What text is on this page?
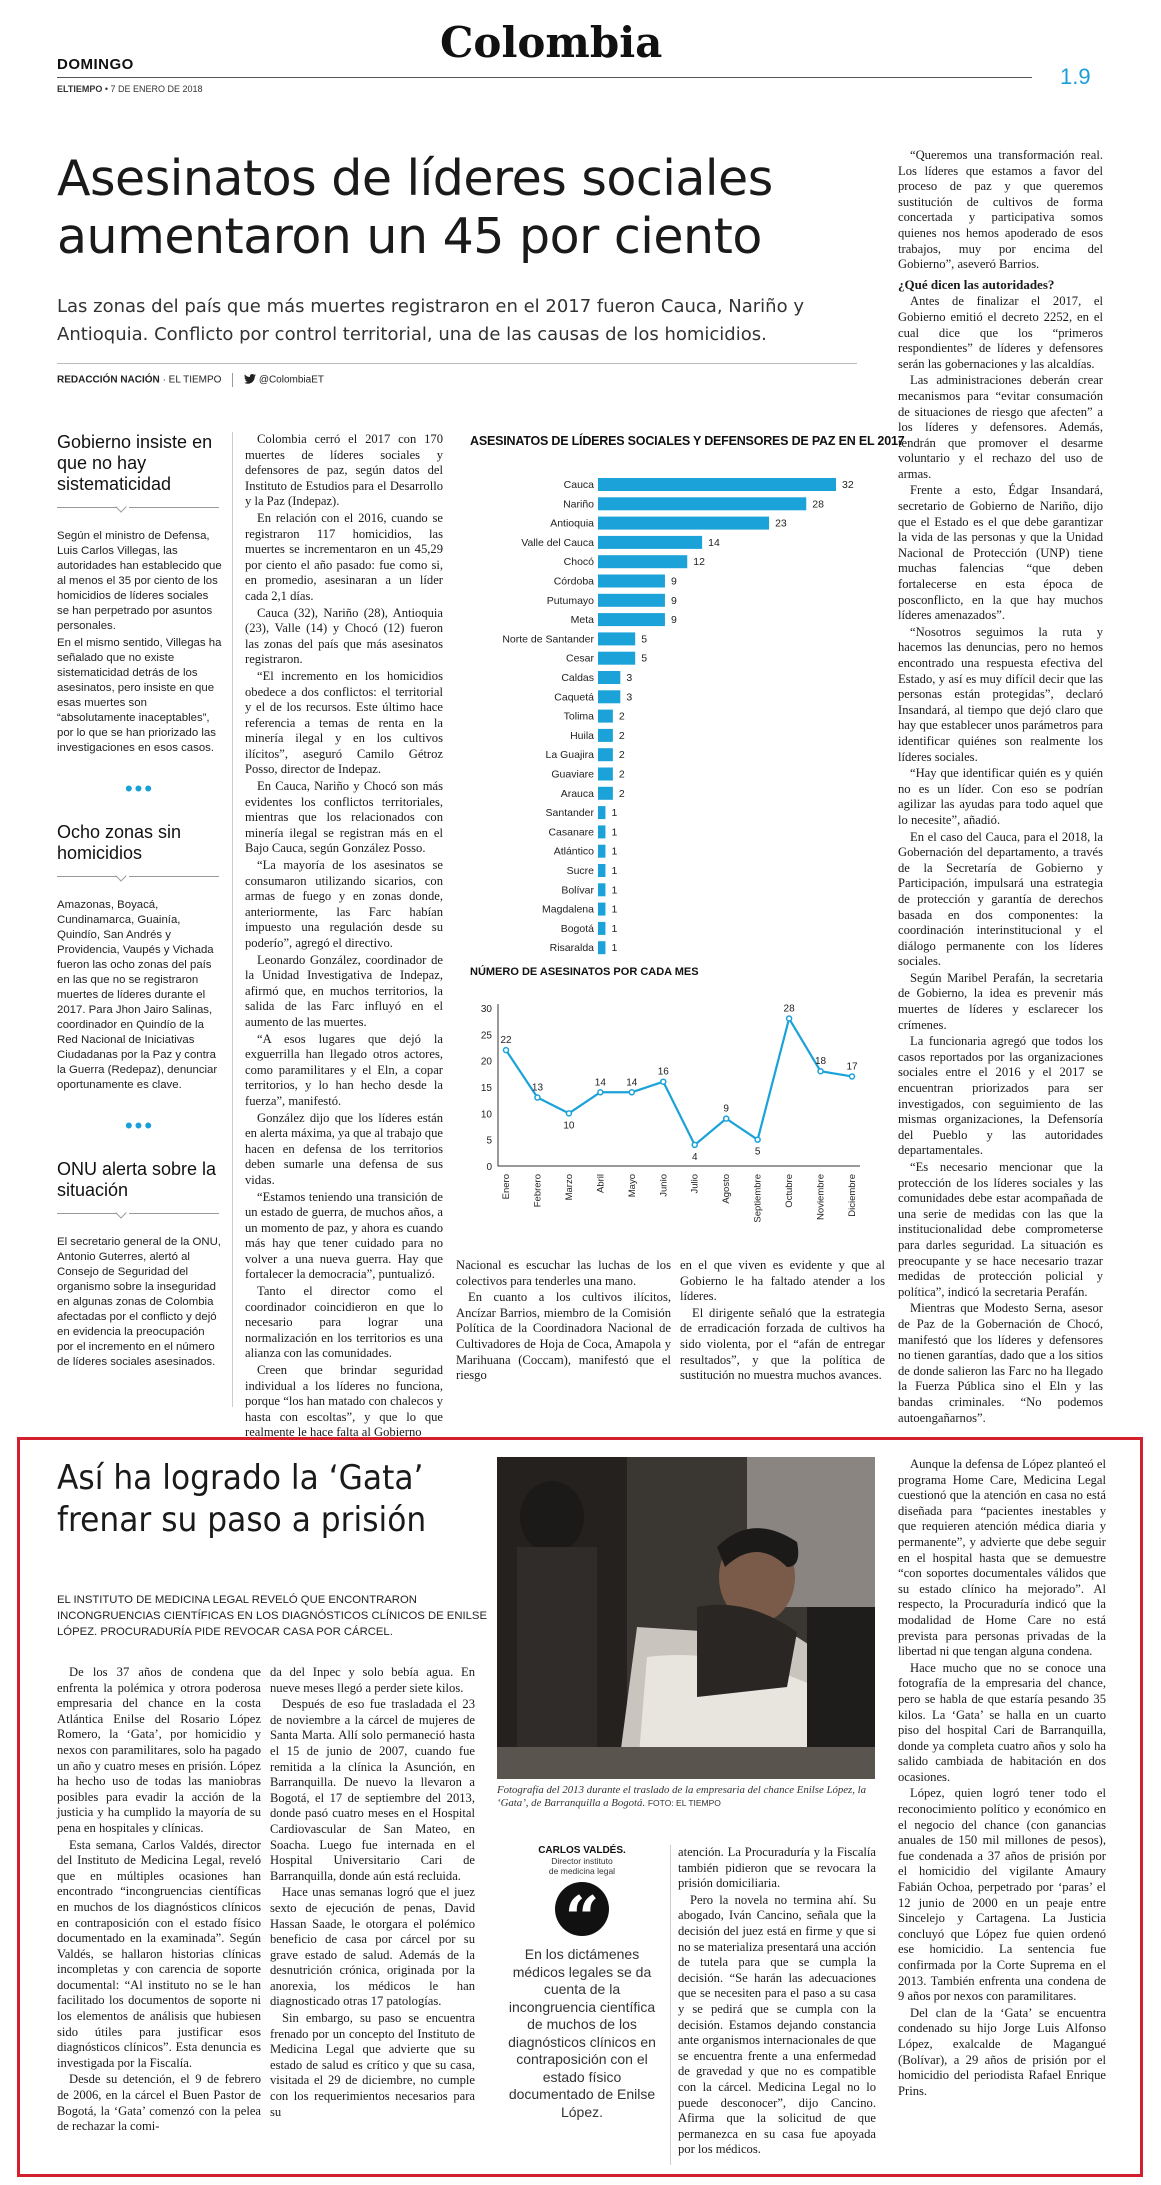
DOMINGO	Colombia
ELTIEMPO • 7 DE ENERO DE 2018	1.9
Asesinatos de líderes sociales
aumentaron un 45 por ciento
Las zonas del país que más muertes registraron en el 2017 fueron Cauca, Nariño y Antioquia. Conflicto por control territorial, una de las causas de los homicidios.
REDACCIÓN NACIÓN · EL TIEMPO	@ColombiaET
Gobierno insiste en que no hay sistematicidad

Según el ministro de Defensa, Luis Carlos Villegas, las autoridades han establecido que al menos el 35 por ciento de los homicidios de líderes sociales se han perpetrado por asuntos personales.

En el mismo sentido, Villegas ha señalado que no existe sistematicidad detrás de los asesinatos, pero insiste en que esas muertes son “absolutamente inaceptables”, por lo que se han priorizado las investigaciones en esos casos.

•••
Ocho zonas sin homicidios

Amazonas, Boyacá, Cundinamarca, Guainía, Quindío, San Andrés y Providencia, Vaupés y Vichada fueron las ocho zonas del país en las que no se registraron muertes de líderes durante el 2017. Para Jhon Jairo Salinas, coordinador en Quindío de la Red Nacional de Iniciativas Ciudadanas por la Paz y contra la Guerra (Redepaz), denunciar oportunamente es clave.

•••
ONU alerta sobre la situación

El secretario general de la ONU, Antonio Guterres, alertó al Consejo de Seguridad del organismo sobre la inseguridad en algunas zonas de Colombia afectadas por el conflicto y dejó en evidencia la preocupación por el incremento en el número de líderes sociales asesinados.

Colombia cerró el 2017 con 170 muertes de líderes sociales y defensores de paz, según datos del Instituto de Estudios para el Desarrollo y la Paz (Indepaz).

En relación con el 2016, cuando se registraron 117 homicidios, las muertes se incrementaron en un 45,29 por ciento el año pasado: fue como si, en promedio, asesinaran a un líder cada 2,1 días.

Cauca (32), Nariño (28), Antioquia (23), Valle (14) y Chocó (12) fueron las zonas del país que más asesinatos registraron.

“El incremento en los homicidios obedece a dos conflictos: el territorial y el de los recursos. Este último hace referencia a temas de renta en la minería ilegal y en los cultivos ilícitos”, aseguró Camilo Gétroz Posso, director de Indepaz.

En Cauca, Nariño y Chocó son más evidentes los conflictos territoriales, mientras que los relacionados con minería ilegal se registran más en el Bajo Cauca, según González Posso.

“La mayoría de los asesinatos se consumaron utilizando sicarios, con armas de fuego y en zonas donde, anteriormente, las Farc habían impuesto una regulación desde su poderío”, agregó el directivo.

Leonardo González, coordinador de la Unidad Investigativa de Indepaz, afirmó que, en muchos territorios, la salida de las Farc influyó en el aumento de las muertes.

“A esos lugares que dejó la exguerrilla han llegado otros actores, como paramilitares y el Eln, a copar territorios, y lo han hecho desde la fuerza”, manifestó.

González dijo que los líderes están en alerta máxima, ya que al trabajo que hacen en defensa de los territorios deben sumarle una defensa de sus vidas.

“Estamos teniendo una transición de un estado de guerra, de muchos años, a un momento de paz, y ahora es cuando más hay que tener cuidado para no volver a una nueva guerra. Hay que fortalecer la democracia”, puntualizó.

Tanto el director como el coordinador coincidieron en que lo necesario para lograr una normalización en los territorios es una alianza con las comunidades.

Creen que brindar seguridad individual a los líderes no funciona, porque “los han matado con chalecos y hasta con escoltas”, y que lo que realmente le hace falta al Gobierno

ASESINATOS DE LÍDERES SOCIALES Y DEFENSORES DE PAZ EN EL 2017
Cauca	32
Nariño	28
Antioquia	23
Valle del Cauca	14
Chocó	12
Córdoba	9
Putumayo	9
Meta	9
Norte de Santander	5
Cesar	5
Caldas	3
Caquetá	3
Tolima 2
Huila 2
La Guajira 2
Guaviare 2
Arauca 2
Santander 1
Casanare 1
Atlántico 1
Sucre 1
Bolívar 1
Magdalena 1
Bogotá 1
Risaralda 1
NÚMERO DE ASESINATOS POR CADA MES
0
5
10
15
20
25
30
22
Enero
13
Febrero
10
Marzo
14
Abril
14
Mayo
16
Junio
4
Julio
9
Agosto
5
Septiembre
28
Octubre
18
Noviembre
17
Diciembre

Nacional es escuchar las luchas de los colectivos para tenderles una mano.

En cuanto a los cultivos ilícitos, Ancízar Barrios, miembro de la Comisión Política de la Coordinadora Nacional de Cultivadores de Hoja de Coca, Amapola y Marihuana (Coccam), manifestó que el riesgo

en el que viven es evidente y que al Gobierno le ha faltado atender a los líderes.

El dirigente señaló que la estrategia de erradicación forzada de cultivos ha sido violenta, por el “afán de entregar resultados”, y que la política de sustitución no muestra muchos avances.

“Queremos una transformación real. Los líderes que estamos a favor del proceso de paz y que queremos sustitución de cultivos de forma concertada y participativa somos quienes nos hemos apoderado de esos trabajos, muy por encima del Gobierno”, aseveró Barrios.

¿Qué dicen las autoridades?

Antes de finalizar el 2017, el Gobierno emitió el decreto 2252, en el cual dice que los “primeros respondientes” de líderes y defensores serán las gobernaciones y las alcaldías.

Las administraciones deberán crear mecanismos para “evitar consumación de situaciones de riesgo que afecten” a los líderes y defensores. Además, tendrán que promover el desarme voluntario y el rechazo del uso de armas.

Frente a esto, Édgar Insandará, secretario de Gobierno de Nariño, dijo que el Estado es el que debe garantizar la vida de las personas y que la Unidad Nacional de Protección (UNP) tiene muchas falencias “que deben fortalecerse en esta época de posconflicto, en la que hay muchos líderes amenazados”.

“Nosotros seguimos la ruta y hacemos las denuncias, pero no hemos encontrado una respuesta efectiva del Estado, y así es muy difícil decir que las personas están protegidas”, declaró Insandará, al tiempo que dejó claro que hay que establecer unos parámetros para identificar quiénes son realmente los líderes sociales.

“Hay que identificar quién es y quién no es un líder. Con eso se podrían agilizar las ayudas para todo aquel que lo necesite”, añadió.

En el caso del Cauca, para el 2018, la Gobernación del departamento, a través de la Secretaría de Gobierno y Participación, impulsará una estrategia de protección y garantía de derechos basada en dos componentes: la coordinación interinstitucional y el diálogo permanente con los líderes sociales.

Según Maribel Perafán, la secretaria de Gobierno, la idea es prevenir más muertes de líderes y esclarecer los crímenes.

La funcionaria agregó que todos los casos reportados por las organizaciones sociales entre el 2016 y el 2017 se encuentran priorizados para ser investigados, con seguimiento de las mismas organizaciones, la Defensoría del Pueblo y las autoridades departamentales.

“Es necesario mencionar que la protección de los líderes sociales y las comunidades debe estar acompañada de una serie de medidas con las que la institucionalidad debe comprometerse para darles seguridad. La situación es preocupante y se hace necesario trazar medidas de protección policial y política”, indicó la secretaria Perafán.

Mientras que Modesto Serna, asesor de Paz de la Gobernación de Chocó, manifestó que los líderes y defensores no tienen garantías, dado que a los sitios de donde salieron las Farc no ha llegado la Fuerza Pública sino el Eln y las bandas criminales. “No podemos autoengañarnos”.

Así ha logrado la ‘Gata’
frenar su paso a prisión
EL INSTITUTO DE MEDICINA LEGAL REVELÓ QUE ENCONTRARON INCONGRUENCIAS CIENTÍFICAS EN LOS DIAGNÓSTICOS CLÍNICOS DE ENILSE LÓPEZ. PROCURADURÍA PIDE REVOCAR CASA POR CÁRCEL.

De los 37 años de condena que enfrenta la polémica y otrora poderosa empresaria del chance en la costa Atlántica Enilse del Rosario López Romero, la ‘Gata’, por homicidio y nexos con paramilitares, solo ha pagado un año y cuatro meses en prisión. López ha hecho uso de todas las maniobras posibles para evadir la acción de la justicia y ha cumplido la mayoría de su pena en hospitales y clínicas.

Esta semana, Carlos Valdés, director del Instituto de Medicina Legal, reveló que en múltiples ocasiones han encontrado “incongruencias científicas en muchos de los diagnósticos clínicos en contraposición con el estado físico documentado en la examinada”. Según Valdés, se hallaron historias clínicas incompletas y con carencia de soporte documental: “Al instituto no se le han facilitado los documentos de soporte ni los elementos de análisis que hubiesen sido útiles para justificar esos diagnósticos clínicos”. Esta denuncia es investigada por la Fiscalía.

Desde su detención, el 9 de febrero de 2006, en la cárcel el Buen Pastor de Bogotá, la ‘Gata’ comenzó con la pelea de rechazar la comi-

da del Inpec y solo bebía agua. En nueve meses llegó a perder siete kilos.

Después de eso fue trasladada el 23 de noviembre a la cárcel de mujeres de Santa Marta. Allí solo permaneció hasta el 15 de junio de 2007, cuando fue remitida a la clínica la Asunción, en Barranquilla. De nuevo la llevaron a Bogotá, el 17 de septiembre del 2013, donde pasó cuatro meses en el Hospital Cardiovascular de San Mateo, en Soacha. Luego fue internada en el Hospital Universitario Cari de Barranquilla, donde aún está recluida.

Hace unas semanas logró que el juez sexto de ejecución de penas, David Hassan Saade, le otorgara el polémico beneficio de casa por cárcel por su grave estado de salud. Además de la desnutrición crónica, originada por la anorexia, los médicos le han diagnosticado otras 17 patologías.

Sin embargo, su paso se encuentra frenado por un concepto del Instituto de Medicina Legal que advierte que su estado de salud es crítico y que su casa, visitada el 29 de diciembre, no cumple con los requerimientos necesarios para su

Fotografía del 2013 durante el traslado de la empresaria del chance Enilse López, la ‘Gata’, de Barranquilla a Bogotá. FOTO: EL TIEMPO
CARLOS VALDÉS.
Director instituto
de medicina legal
“
En los dictámenes médicos legales se da cuenta de la incongruencia científica de muchos de los diagnósticos clínicos en contraposición con el estado físico documentado de Enilse López.

atención. La Procuraduría y la Fiscalía también pidieron que se revocara la prisión domiciliaria.

Pero la novela no termina ahí. Su abogado, Iván Cancino, señala que la decisión del juez está en firme y que si no se materializa presentará una acción de tutela para que se cumpla la decisión. “Se harán las adecuaciones que se necesiten para el paso a su casa y se pedirá que se cumpla con la decisión. Estamos dejando constancia ante organismos internacionales de que se encuentra frente a una enfermedad de gravedad y que no es compatible con la cárcel. Medicina Legal no lo puede desconocer”, dijo Cancino. Afirma que la solicitud de que permanezca en su casa fue apoyada por los médicos.

Aunque la defensa de López planteó el programa Home Care, Medicina Legal cuestionó que la atención en casa no está diseñada para “pacientes inestables y que requieren atención médica diaria y permanente”, y advierte que debe seguir en el hospital hasta que se demuestre “con soportes documentales válidos que su estado clínico ha mejorado”. Al respecto, la Procuraduría indicó que la modalidad de Home Care no está prevista para personas privadas de la libertad ni que tengan alguna condena.

Hace mucho que no se conoce una fotografía de la empresaria del chance, pero se habla de que estaría pesando 35 kilos. La ‘Gata’ se halla en un cuarto piso del hospital Cari de Barranquilla, donde ya completa cuatro años y solo ha salido cambiada de habitación en dos ocasiones.

López, quien logró tener todo el reconocimiento político y económico en el negocio del chance (con ganancias anuales de 150 mil millones de pesos), fue condenada a 37 años de prisión por el homicidio del vigilante Amaury Fabián Ochoa, perpetrado por ‘paras’ el 12 junio de 2000 en un peaje entre Sincelejo y Cartagena. La Justicia concluyó que López fue quien ordenó ese homicidio. La sentencia fue confirmada por la Corte Suprema en el 2013. También enfrenta una condena de 9 años por nexos con paramilitares.

Del clan de la ‘Gata’ se encuentra condenado su hijo Jorge Luis Alfonso López, exalcalde de Magangué (Bolívar), a 29 años de prisión por el homicidio del periodista Rafael Enrique Prins.
